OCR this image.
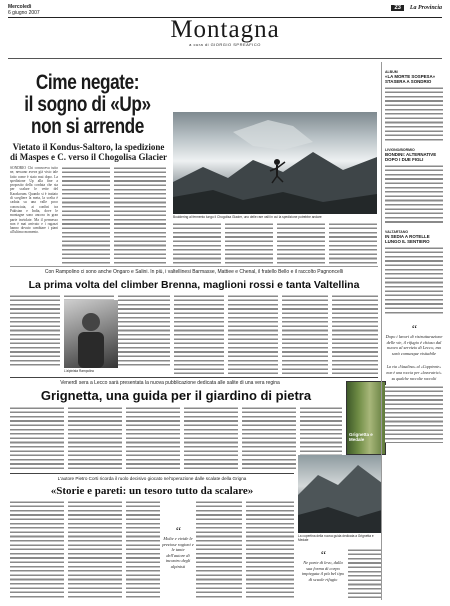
Mercoledì
6 giugno 2007
23	La Provincia
Montagna
a cura di GIORGIO SPREAFICO
Cime negate:
il sogno di «Up»
non si arrende
Vietato il Kondus-Saltoro, la spedizione di Maspes e C. verso il Chogolisa Glacier
SONDRIO Chi conosceva tutto ne, nessuno aveva già visto tale fatto come è stato mai dopo. La spedizione Up alla fine a proposito della cordata che sta per scalare le vette del Karakorum. Quando si è trattato di scegliere la meta, la scelta è caduta su una valle poco conosciuta, ai confini tra Pakistan e India, dove le montagne sono ancora in gran parte inviolate. Ma il permesso non è mai arrivato e i ragazzi hanno dovuto cambiare i piani all'ultimo momento.
Bouldering al fermento lungo il Chogolisa Glacier, uno delle rare valli in cui la spedizione potrebbe andare
Con Rampolino ci sono anche Ongaro e Salini. In più, i valtellinesi Barmasse, Mattiee e Chenal, il fratello Bello e il raccolto Pagnoncelli
La prima volta del climber Brenna, maglioni rossi e tanta Valtellina
L'alpinista Rampolino
Venerdì sera a Lecco sarà presentata la nuova pubblicazione dedicata alle salite di una vera regina
Grignetta, una guida per il giardino di pietra
Grignetta e Medale
L'autore Pietro Corti ricorda il ruolo decisivo giocato nel'operazione dalle scalate della Grigna
«Storie e pareti: un tesoro tutto da scalare»
“
Molte e vivide le preziose ragioni e le tante dell'autore di incontro degli alpinisti
La copertina della nuova guida dedicata a Grignetta e Medale
“
Ne parte di levo, dalla sua forma di corpo impiegata il più bel tipo di scuole rifugio
ALBUM
«LA MORTE SOSPESA» STASERA A SONDRIO
LIVIGNO/BORMIO
BONDINI: ALTERNATIVE DOPO I DUE FIGLI
VALTARTANO
IN SEDIA A ROTELLE LUNGO IL SENTIERO
“
Dopo i lavori di ristrutturazione delle vie, il rifugio è chiuso dal nuovo al servizio di Lecco, ma sarà comunque visitabile
La via «Vasalina» al «Coppiente» non è una roccia per «lavoratrici» su qualche raccolte raccolti
